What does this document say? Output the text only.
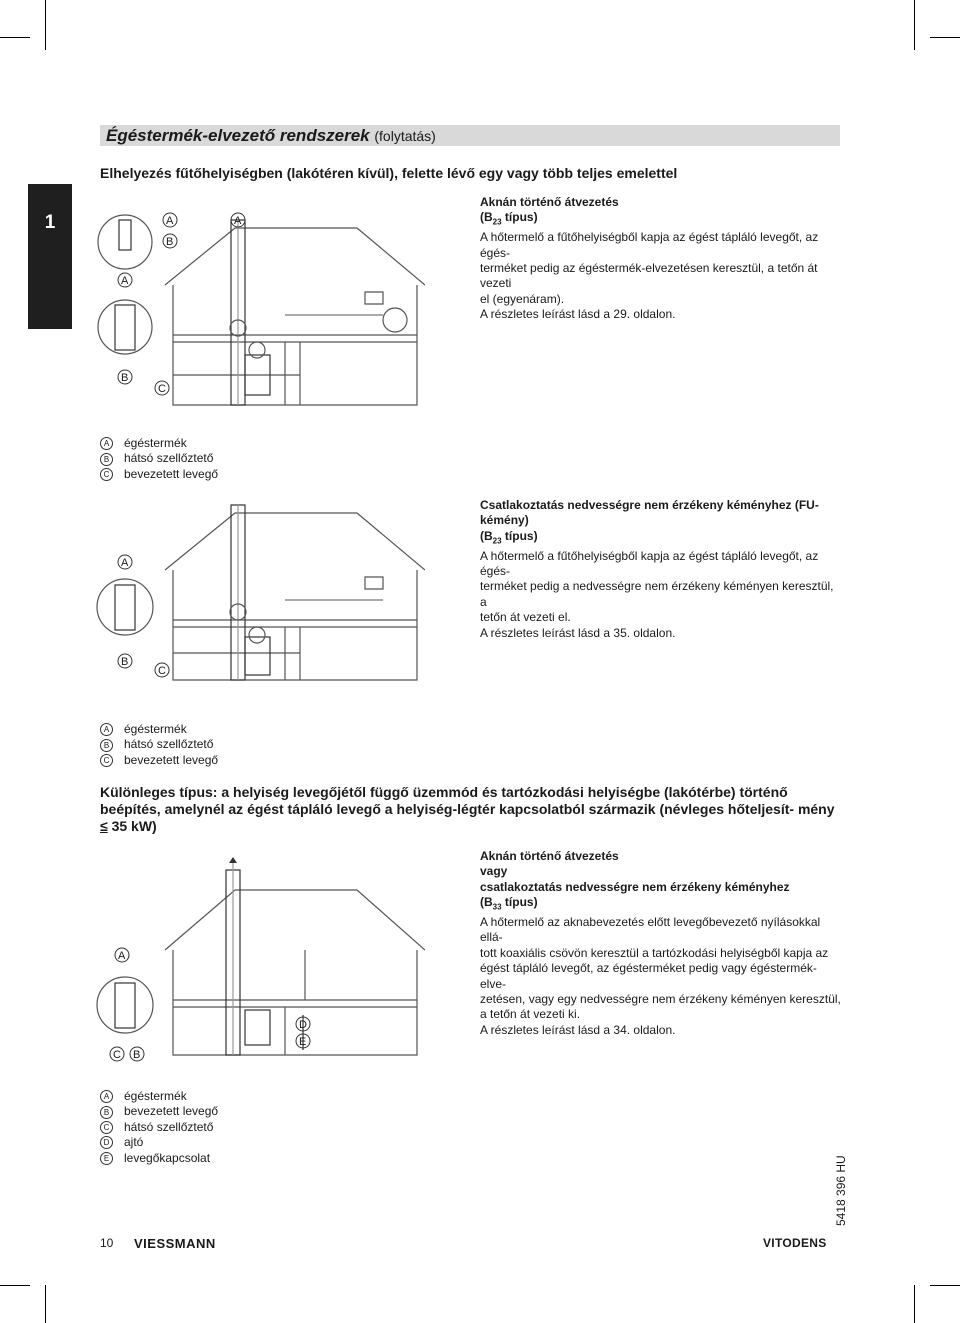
1
Égéstermék-elvezető rendszerek (folytatás)
Elhelyezés fűtőhelyiségben (lakótéren kívül), felette lévő egy vagy több teljes emelettel
Aknán történő átvezetés
($B_{23}$ típus)
A hőtermelő a fűtőhelyiségből kapja az égést tápláló levegőt, az égés-
terméket pedig az égéstermék-elvezetésen keresztül, a tetőn át vezeti
el (egyenáram).
A részletes leírást lásd a 29. oldalon.
A
B
A
A
B
C
A	égéstermék
B	hátsó szellőztető
C	bevezetett levegő
Csatlakoztatás nedvességre nem érzékeny kéményhez (FU-
kémény)
($B_{23}$ típus)
A hőtermelő a fűtőhelyiségből kapja az égést tápláló levegőt, az égés-
terméket pedig a nedvességre nem érzékeny kéményen keresztül, a
tetőn át vezeti el.
A részletes leírást lásd a 35. oldalon.
A
B
C
A	égéstermék
B	hátsó szellőztető
C	bevezetett levegő
Különleges típus: a helyiség levegőjétől függő üzemmód és tartózkodási helyiségbe (lakótérbe) történő beépítés, amelynél az égést tápláló levegő a helyiség-légtér kapcsolatból származik (névleges hőteljesít- mény ≤ 35 kW)
Aknán történő átvezetés
vagy
csatlakoztatás nedvességre nem érzékeny kéményhez
($B_{33}$ típus)
A hőtermelő az aknabevezetés előtt levegőbevezető nyílásokkal ellá-
tott koaxiális csövön keresztül a tartózkodási helyiségből kapja az
égést tápláló levegőt, az égésterméket pedig vagy égéstermék-elve-
zetésen, vagy egy nedvességre nem érzékeny kéményen keresztül,
a tetőn át vezeti ki.
A részletes leírást lásd a 34. oldalon.
A
C B
D
E
A	égéstermék
B	bevezetett levegő
C	hátsó szellőztető
D	ajtó
E	levegőkapcsolat
10 VIESSMANN	VITODENS
5418 396 HU
